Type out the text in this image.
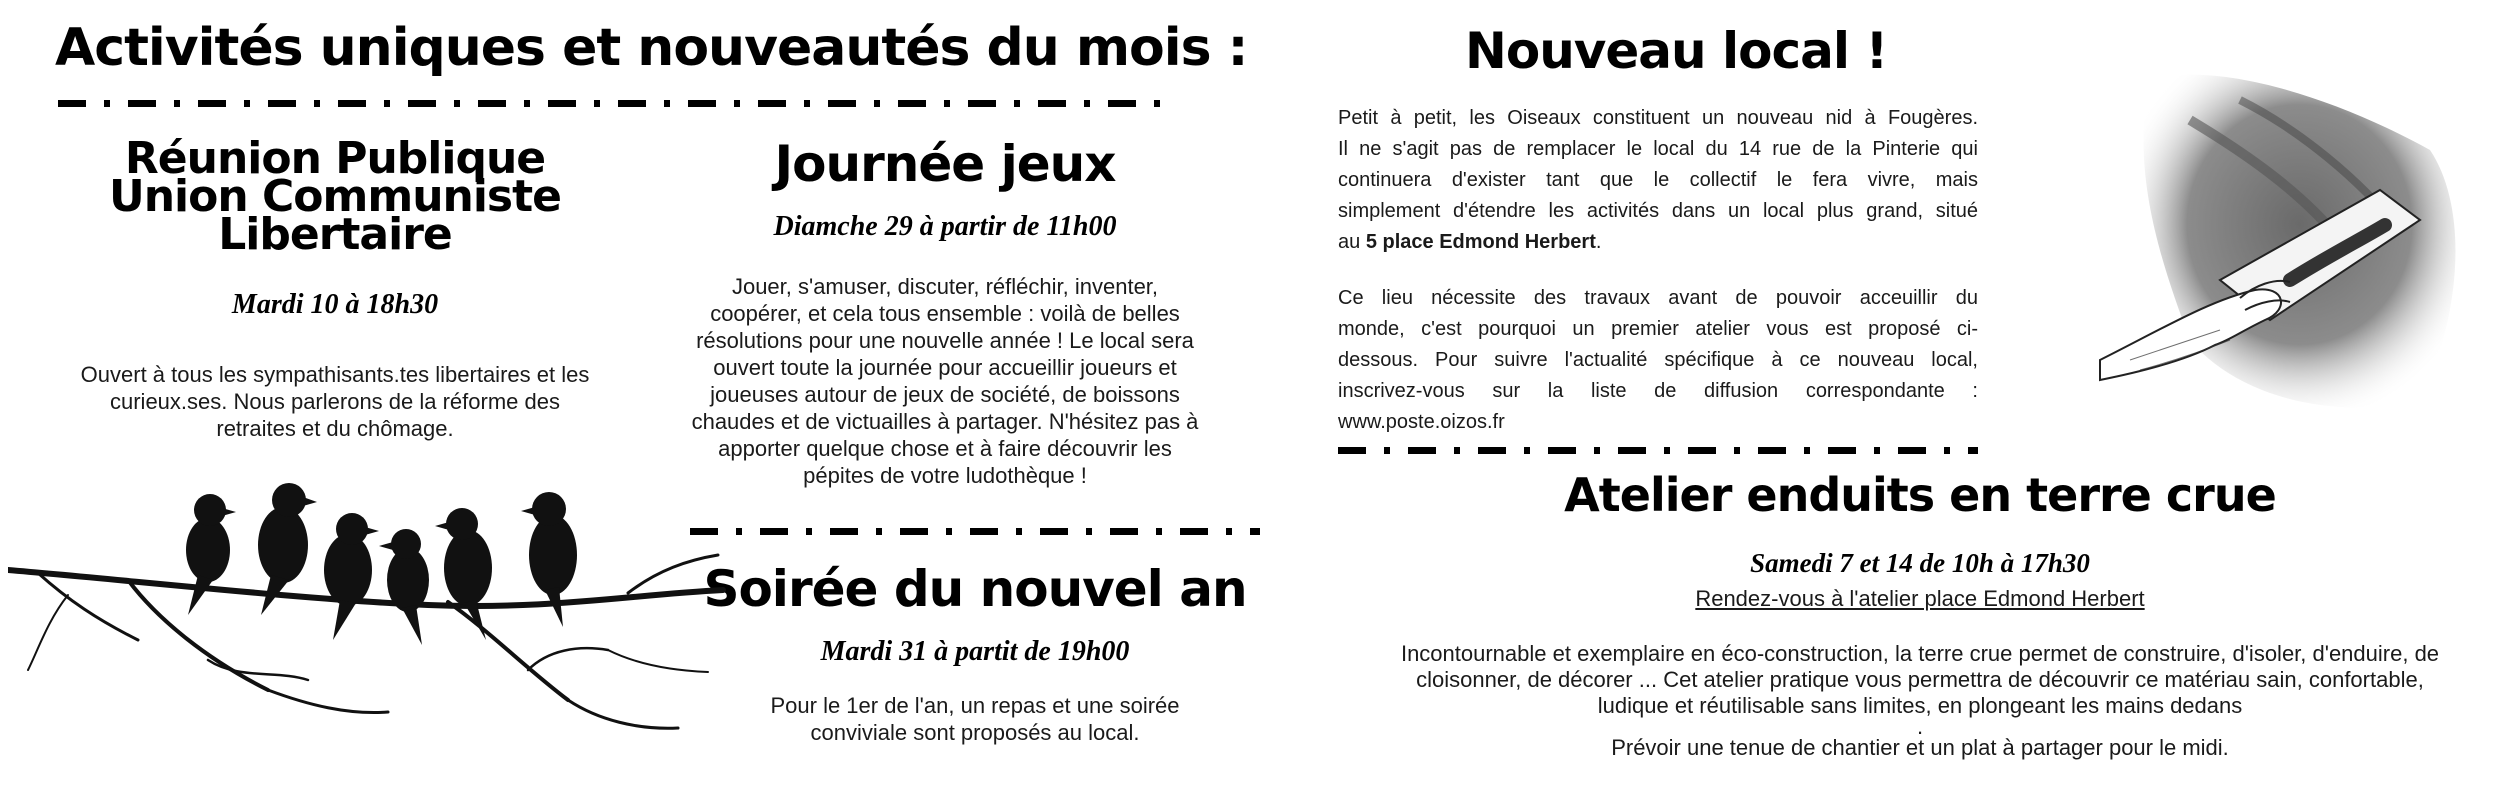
Activités uniques et nouveautés du mois :
Réunion Publique
Union Communiste
Libertaire
Mardi 10 à 18h30
Ouvert à tous les sympathisants.tes libertaires et les
curieux.ses. Nous parlerons de la réforme des
retraites et du chômage.
Journée jeux
Diamche 29 à partir de 11h00
Jouer, s'amuser, discuter, réfléchir, inventer,
coopérer, et cela tous ensemble : voilà de belles
résolutions pour une nouvelle année ! Le local sera
ouvert toute la journée pour accueillir joueurs et
joueuses autour de jeux de société, de boissons
chaudes et de victuailles à partager. N'hésitez pas à
apporter quelque chose et à faire découvrir les
pépites de votre ludothèque !
Soirée du nouvel an
Mardi 31 à partit de 19h00
Pour le 1er de l'an, un repas et une soirée
conviviale sont proposés au local.
Nouveau local !
Petit à petit, les Oiseaux constituent un nouveau nid à Fougères.
Il ne s'agit pas de remplacer le local du 14 rue de la Pinterie qui
continuera d'exister tant que le collectif le fera vivre, mais
simplement d'étendre les activités dans un local plus grand, situé
au 5 place Edmond Herbert.
Ce lieu nécessite des travaux avant de pouvoir acceuillir du
monde, c'est pourquoi un premier atelier vous est proposé ci-
dessous. Pour suivre l'actualité spécifique à ce nouveau local,
inscrivez-vous sur la liste de diffusion correspondante :
www.poste.oizos.fr
Atelier enduits en terre crue
Samedi 7 et 14 de 10h à 17h30
Rendez-vous à l'atelier place Edmond Herbert
Incontournable et exemplaire en éco-construction, la terre crue permet de construire, d'isoler, d'enduire, de
cloisonner, de décorer ... Cet atelier pratique vous permettra de découvrir ce matériau sain, confortable,
ludique et réutilisable sans limites, en plongeant les mains dedans
.
Prévoir une tenue de chantier et un plat à partager pour le midi.
